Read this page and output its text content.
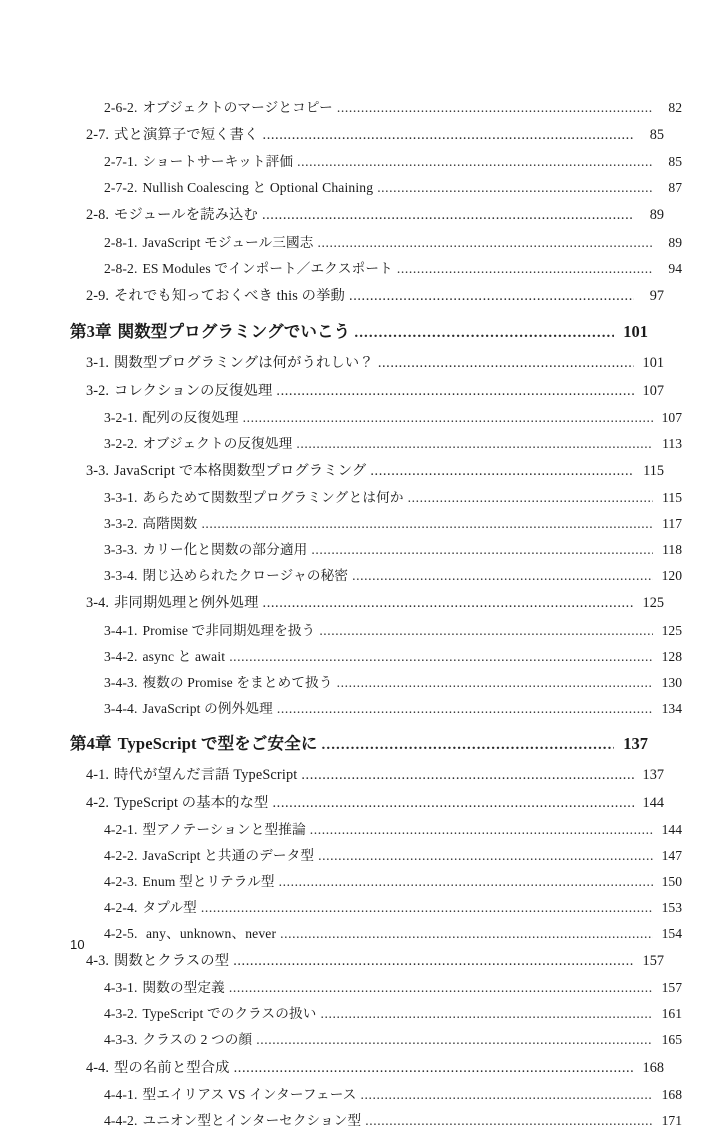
2-6-2. オブジェクトのマージとコピー .....	82
2-7. 式と演算子で短く書く .....	85
2-7-1. ショートサーキット評価 .....	85
2-7-2. Nullish Coalescing と Optional Chaining .....	87
2-8. モジュールを読み込む .....	89
2-8-1. JavaScript モジュール三國志 .....	89
2-8-2. ES Modules でインポート／エクスポート .....	94
2-9. それでも知っておくべき this の挙動 .....	97
第3章 関数型プログラミングでいこう .....	101
3-1. 関数型プログラミングは何がうれしい？ .....	101
3-2. コレクションの反復処理 .....	107
3-2-1. 配列の反復処理 .....	107
3-2-2. オブジェクトの反復処理 .....	113
3-3. JavaScript で本格関数型プログラミング .....	115
3-3-1. あらためて関数型プログラミングとは何か .....	115
3-3-2. 高階関数 .....	117
3-3-3. カリー化と関数の部分適用 .....	118
3-3-4. 閉じ込められたクロージャの秘密 .....	120
3-4. 非同期処理と例外処理 .....	125
3-4-1. Promise で非同期処理を扱う .....	125
3-4-2. async と await .....	128
3-4-3. 複数の Promise をまとめて扱う .....	130
3-4-4. JavaScript の例外処理 .....	134
第4章 TypeScript で型をご安全に .....	137
4-1. 時代が望んだ言語 TypeScript .....	137
4-2. TypeScript の基本的な型 .....	144
4-2-1. 型アノテーションと型推論 .....	144
4-2-2. JavaScript と共通のデータ型 .....	147
4-2-3. Enum 型とリテラル型 .....	150
4-2-4. タプル型 .....	153
4-2-5. any、unknown、never .....	154
4-3. 関数とクラスの型 .....	157
4-3-1. 関数の型定義 .....	157
4-3-2. TypeScript でのクラスの扱い .....	161
4-3-3. クラスの 2 つの顔 .....	165
4-4. 型の名前と型合成 .....	168
4-4-1. 型エイリアス VS インターフェース .....	168
4-4-2. ユニオン型とインターセクション型 .....	171
10
